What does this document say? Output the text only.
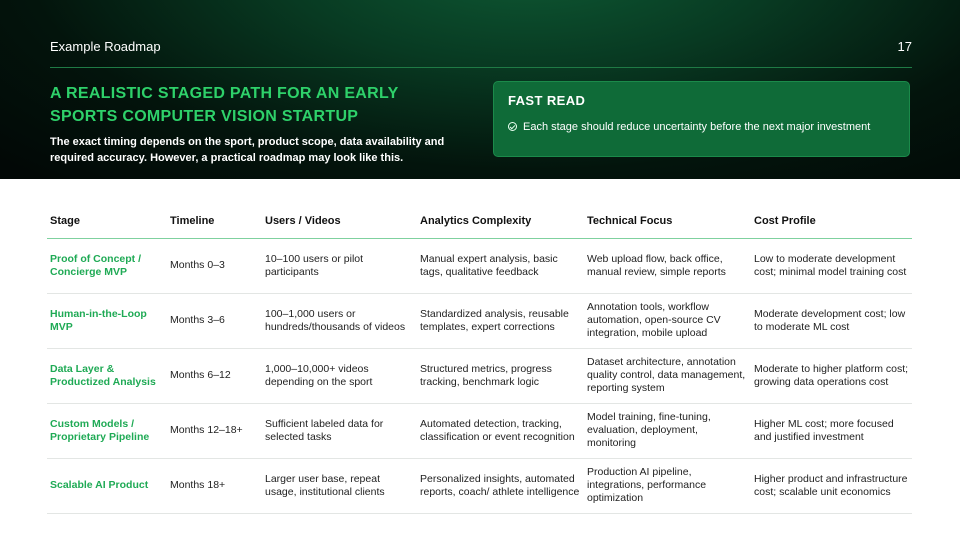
Example Roadmap	17
A REALISTIC STAGED PATH FOR AN EARLY SPORTS COMPUTER VISION STARTUP
The exact timing depends on the sport, product scope, data availability and required accuracy. However, a practical roadmap may look like this.
FAST READ
Each stage should reduce uncertainty before the next major investment
Stage	Timeline	Users / Videos	Analytics Complexity	Technical Focus	Cost Profile
Proof of Concept / Concierge MVP	Months 0–3	10–100 users or pilot participants	Manual expert analysis, basic tags, qualitative feedback	Web upload flow, back office, manual review, simple reports	Low to moderate development cost; minimal model training cost
Human-in-the-Loop MVP	Months 3–6	100–1,000 users or hundreds/thousands of videos	Standardized analysis, reusable templates, expert corrections	Annotation tools, workflow automation, open-source CV integration, mobile upload	Moderate development cost; low to moderate ML cost
Data Layer & Productized Analysis	Months 6–12	1,000–10,000+ videos depending on the sport	Structured metrics, progress tracking, benchmark logic	Dataset architecture, annotation quality control, data management, reporting system	Moderate to higher platform cost; growing data operations cost
Custom Models / Proprietary Pipeline	Months 12–18+	Sufficient labeled data for selected tasks	Automated detection, tracking, classification or event recognition	Model training, fine-tuning, evaluation, deployment, monitoring	Higher ML cost; more focused and justified investment
Scalable AI Product	Months 18+	Larger user base, repeat usage, institutional clients	Personalized insights, automated reports, coach/ athlete intelligence	Production AI pipeline, integrations, performance optimization	Higher product and infrastructure cost; scalable unit economics
